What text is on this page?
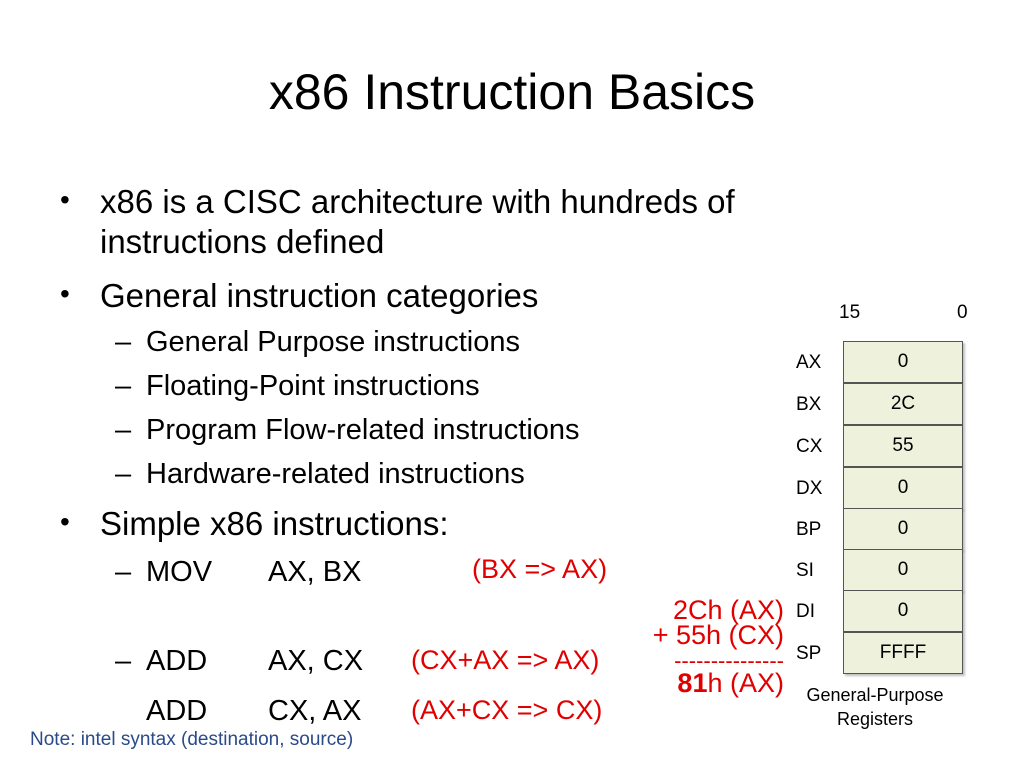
x86 Instruction Basics
• x86 is a CISC architecture with hundreds of
instructions defined
• General instruction categories
– General Purpose instructions
– Floating-Point instructions
– Program Flow-related instructions
– Hardware-related instructions
• Simple x86 instructions:
– MOV AX, BX	(BX => AX)
– ADD AX, CX (CX+AX => AX)
ADD CX, AX (AX+CX => CX)
2Ch (AX)
+ 55h (CX)
---------------
81h (AX)
15	0
AX	0
BX	2C
CX	55
DX	0
BP	0
SI	0
DI	0
SP	FFFF
General-Purpose
Registers
Note: intel syntax (destination, source)
